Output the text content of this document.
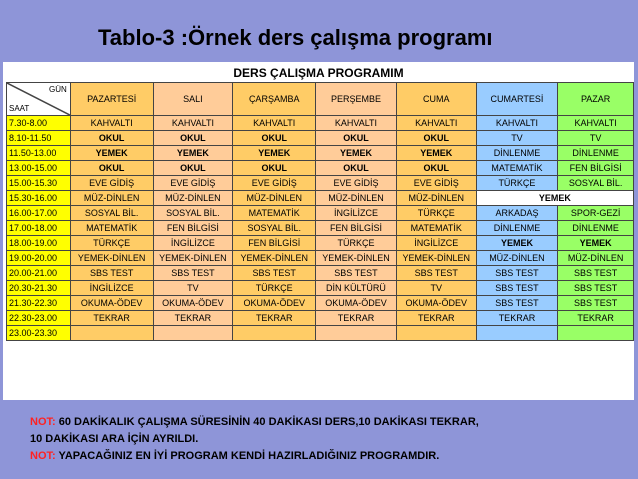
Tablo-3 :Örnek ders çalışma programı
DERS ÇALIŞMA PROGRAMIM
GÜN
SAAT	PAZARTESİ	SALI	ÇARŞAMBA	PERŞEMBE	CUMA	CUMARTESİ	PAZAR
7.30-8.00	KAHVALTI	KAHVALTI	KAHVALTI	KAHVALTI	KAHVALTI	KAHVALTI	KAHVALTI
8.10-11.50	OKUL	OKUL	OKUL	OKUL	OKUL	TV	TV
11.50-13.00	YEMEK	YEMEK	YEMEK	YEMEK	YEMEK	DİNLENME	DİNLENME
13.00-15.00	OKUL	OKUL	OKUL	OKUL	OKUL	MATEMATİK	FEN BİLGİSİ
15.00-15.30	EVE GİDİŞ	EVE GİDİŞ	EVE GİDİŞ	EVE GİDİŞ	EVE GİDİŞ	TÜRKÇE	SOSYAL BİL.
15.30-16.00	MÜZ-DİNLEN	MÜZ-DİNLEN	MÜZ-DİNLEN	MÜZ-DİNLEN	MÜZ-DİNLEN	YEMEK	
16.00-17.00	SOSYAL BİL.	SOSYAL BİL.	MATEMATİK	İNGİLİZCE	TÜRKÇE	ARKADAŞ	SPOR-GEZİ
17.00-18.00	MATEMATİK	FEN BİLGİSİ	SOSYAL BİL.	FEN BİLGİSİ	MATEMATİK	DİNLENME	DİNLENME
18.00-19.00	TÜRKÇE	İNGİLİZCE	FEN BİLGİSİ	TÜRKÇE	İNGİLİZCE	YEMEK	YEMEK
19.00-20.00	YEMEK-DİNLEN	YEMEK-DİNLEN	YEMEK-DİNLEN	YEMEK-DİNLEN	YEMEK-DİNLEN	MÜZ-DİNLEN	MÜZ-DİNLEN
20.00-21.00	SBS TEST	SBS TEST	SBS TEST	SBS TEST	SBS TEST	SBS TEST	SBS TEST
20.30-21.30	İNGİLİZCE	TV	TÜRKÇE	DİN KÜLTÜRÜ	TV	SBS TEST	SBS TEST
21.30-22.30	OKUMA-ÖDEV	OKUMA-ÖDEV	OKUMA-ÖDEV	OKUMA-ÖDEV	OKUMA-ÖDEV	SBS TEST	SBS TEST
22.30-23.00	TEKRAR	TEKRAR	TEKRAR	TEKRAR	TEKRAR	TEKRAR	TEKRAR
23.00-23.30							
NOT: 60 DAKİKALIK ÇALIŞMA SÜRESİNİN 40 DAKİKASI DERS,10 DAKİKASI TEKRAR,
10 DAKİKASI ARA İÇİN AYRILDI.
NOT: YAPACAĞINIZ EN İYİ PROGRAM KENDİ HAZIRLADIĞINIZ PROGRAMDIR.
